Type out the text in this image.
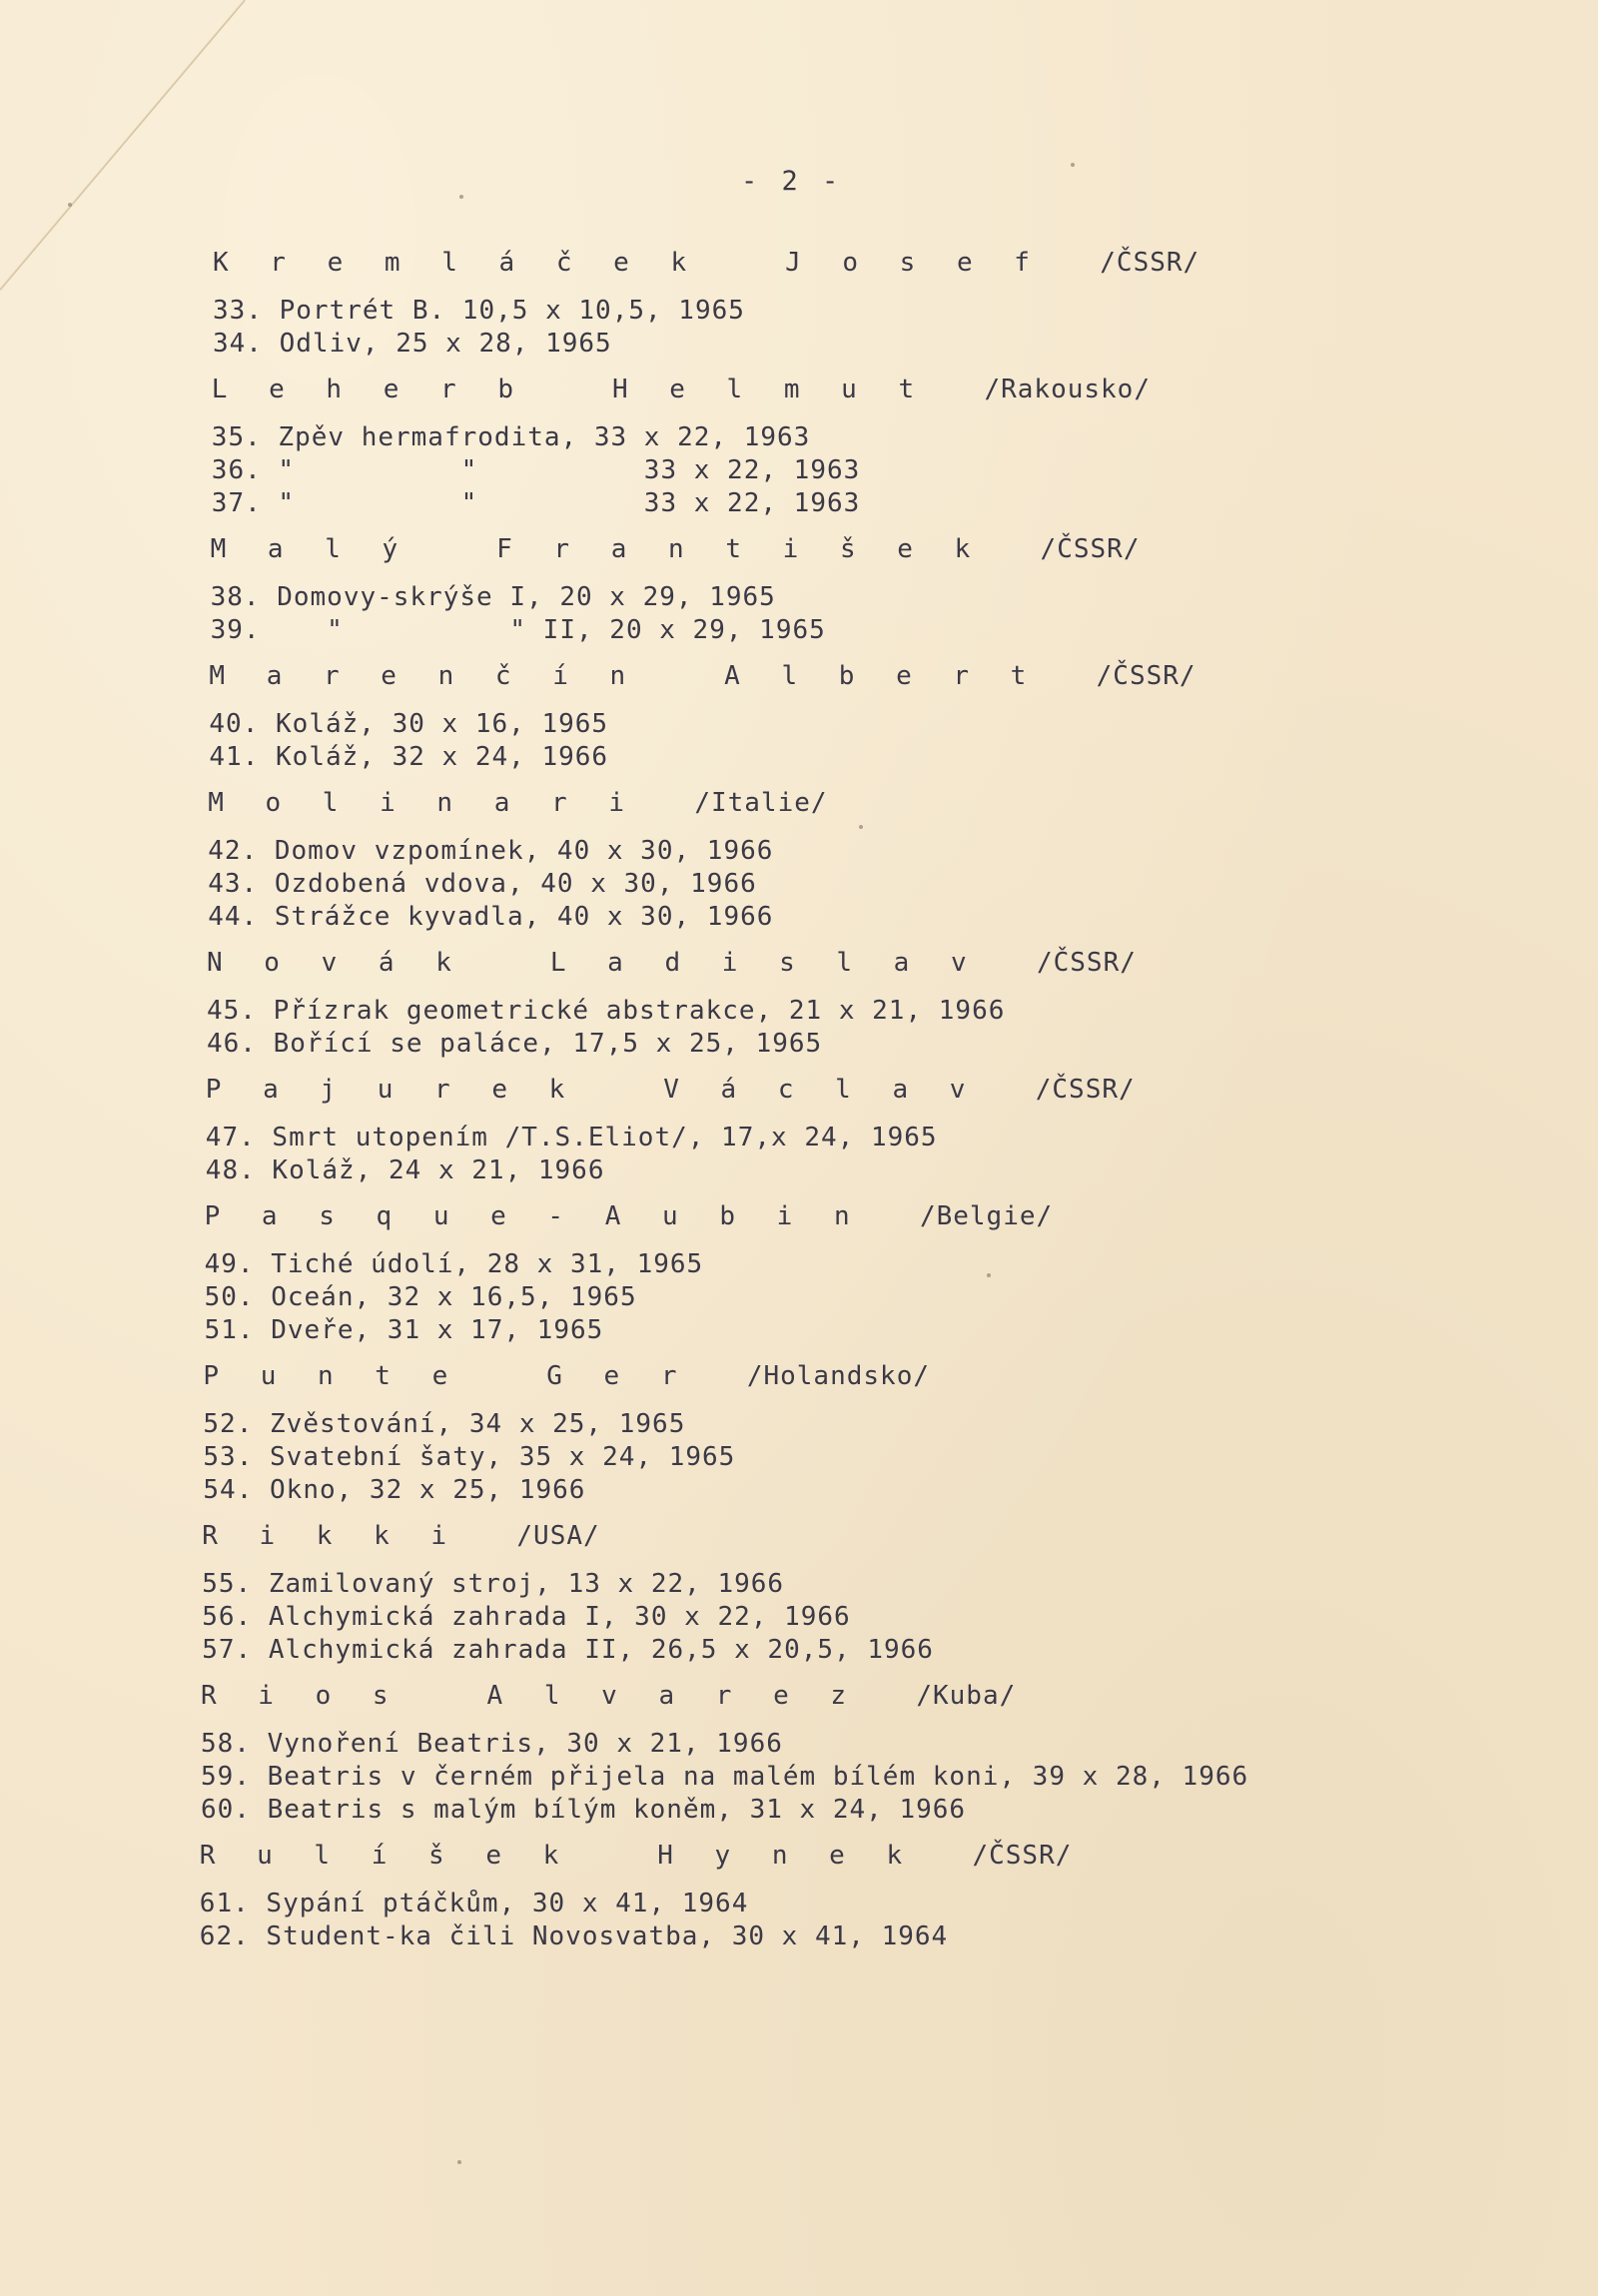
- 2 -
K r e m l á č e k   J o s e f /ČSSR/
33. Portrét B. 10,5 x 10,5, 1965
34. Odliv, 25 x 28, 1965
L e h e r b   H e l m u t /Rakousko/
35. Zpěv hermafrodita, 33 x 22, 1963
36. "          "          33 x 22, 1963
37. "          "          33 x 22, 1963
M a l ý   F r a n t i š e k /ČSSR/
38. Domovy-skrýše I, 20 x 29, 1965
39.    "          " II, 20 x 29, 1965
M a r e n č í n   A l b e r t /ČSSR/
40. Koláž, 30 x 16, 1965
41. Koláž, 32 x 24, 1966
M o l i n a r i /Italie/
42. Domov vzpomínek, 40 x 30, 1966
43. Ozdobená vdova, 40 x 30, 1966
44. Strážce kyvadla, 40 x 30, 1966
N o v á k   L a d i s l a v /ČSSR/
45. Přízrak geometrické abstrakce, 21 x 21, 1966
46. Bořící se paláce, 17,5 x 25, 1965
P a j u r e k   V á c l a v /ČSSR/
47. Smrt utopením /T.S.Eliot/, 17,x 24, 1965
48. Koláž, 24 x 21, 1966
P a s q u e - A u b i n /Belgie/
49. Tiché údolí, 28 x 31, 1965
50. Oceán, 32 x 16,5, 1965
51. Dveře, 31 x 17, 1965
P u n t e   G e r /Holandsko/
52. Zvěstování, 34 x 25, 1965
53. Svatební šaty, 35 x 24, 1965
54. Okno, 32 x 25, 1966
R i k k i /USA/
55. Zamilovaný stroj, 13 x 22, 1966
56. Alchymická zahrada I, 30 x 22, 1966
57. Alchymická zahrada II, 26,5 x 20,5, 1966
R i o s   A l v a r e z /Kuba/
58. Vynoření Beatris, 30 x 21, 1966
59. Beatris v černém přijela na malém bílém koni, 39 x 28, 1966
60. Beatris s malým bílým koněm, 31 x 24, 1966
R u l í š e k   H y n e k /ČSSR/
61. Sypání ptáčkům, 30 x 41, 1964
62. Student-ka čili Novosvatba, 30 x 41, 1964
